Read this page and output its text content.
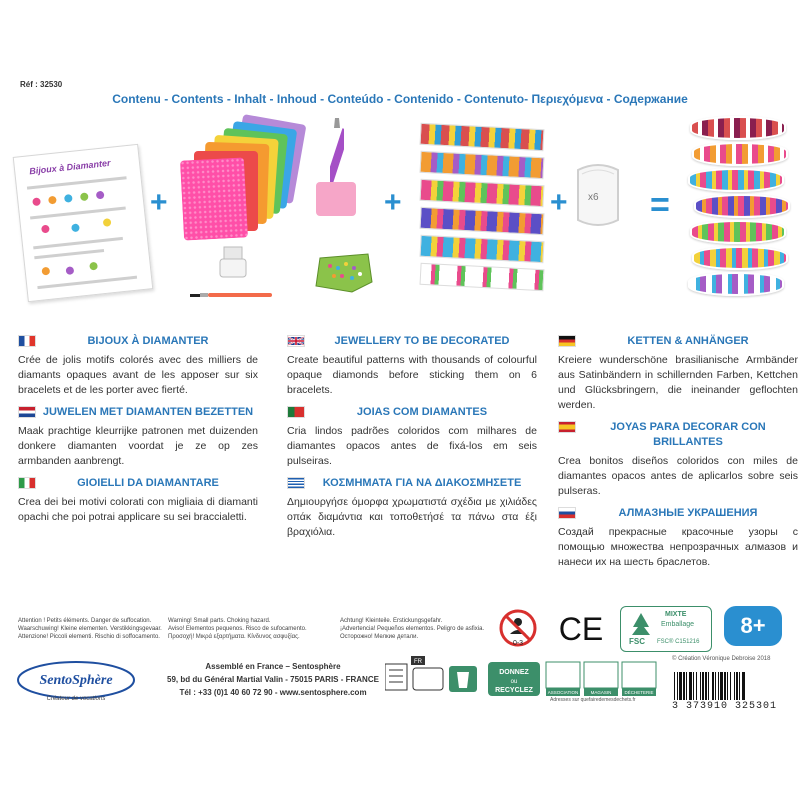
Réf : 32530
Contenu - Contents - Inhalt - Inhoud - Conteúdo - Contenido - Contenuto- Περιεχόμενα - Содержание
Bijoux à Diamanter
+	+	+ x6 =
BIJOUX À DIAMANTER
Crée de jolis motifs colorés avec des milliers de diamants opaques avant de les apposer sur six bracelets et de les porter avec fierté.
JUWELEN MET DIAMANTEN BEZETTEN
Maak prachtige kleurrijke patronen met duizenden donkere diamanten voordat je ze op zes armbanden aanbrengt.
GIOIELLI DA DIAMANTARE
Crea dei bei motivi colorati con migliaia di diamanti opachi che poi potrai applicare su sei braccialetti.
JEWELLERY TO BE DECORATED
Create beautiful patterns with thousands of colourful opaque diamonds before sticking them on 6 bracelets.
JOIAS COM DIAMANTES
Cria lindos padrões coloridos com milhares de diamantes opacos antes de fixá-los em seis pulseiras.
ΚΟΣΜΗΜΑΤΑ ΓΙΑ ΝΑ ΔΙΑΚΟΣΜΗΣΕΤΕ
Δημιουργήσε όμορφα χρωματιστά σχέδια με χιλιάδες οπάκ διαμάντια και τοποθετήσέ τα πάνω στα έξι βραχιόλια.
KETTEN & ANHÄNGER
Kreiere wunderschöne brasilianische Armbänder aus Satinbändern in schillernden Farben, Kettchen und Glücksbringern, die ineinander geflochten werden.
JOYAS PARA DECORAR CON BRILLANTES
Crea bonitos diseños coloridos con miles de diamantes opacos antes de aplicarlos sobre seis pulseras.
АЛМАЗНЫЕ УКРАШЕНИЯ
Создай прекрасные красочные узоры с помощью множества непрозрачных алмазов и нанеси их на шесть браслетов.
Attention ! Petits éléments. Danger de suffocation.
Waarschuwing! Kleine elementen. Verstikkingsgevaar.
Attenzione! Piccoli elementi. Rischio di soffocamento.
Warning! Small parts. Choking hazard.
Aviso! Elementos pequenos. Risco de sufocamento.
Προσοχή! Μικρά εξαρτήματα. Κίνδυνος ασφυξίας.
Achtung! Kleinteile. Erstickungsgefahr.
¡Advertencia! Pequeños elementos. Peligro de asfixia.
Осторожно! Мелкие детали.
0-3 CE	FSC
MIXTE
Emballage
FSC® C151216
8+
© Création Véronique Debroise 2018
SentoSphère
Créateur de vocations
Assemblé en France – Sentosphère
59, bd du Général Martial Valin - 75015 PARIS - FRANCE
Tél : +33 (0)1 40 60 72 90 - www.sentosphere.com
FR
DONNEZ
ou
RECYCLEZ	ASSOCIATION	MAGASIN	DÉCHETERIE
Adresses sur quefairedemesdechets.fr
3 373910 325301
